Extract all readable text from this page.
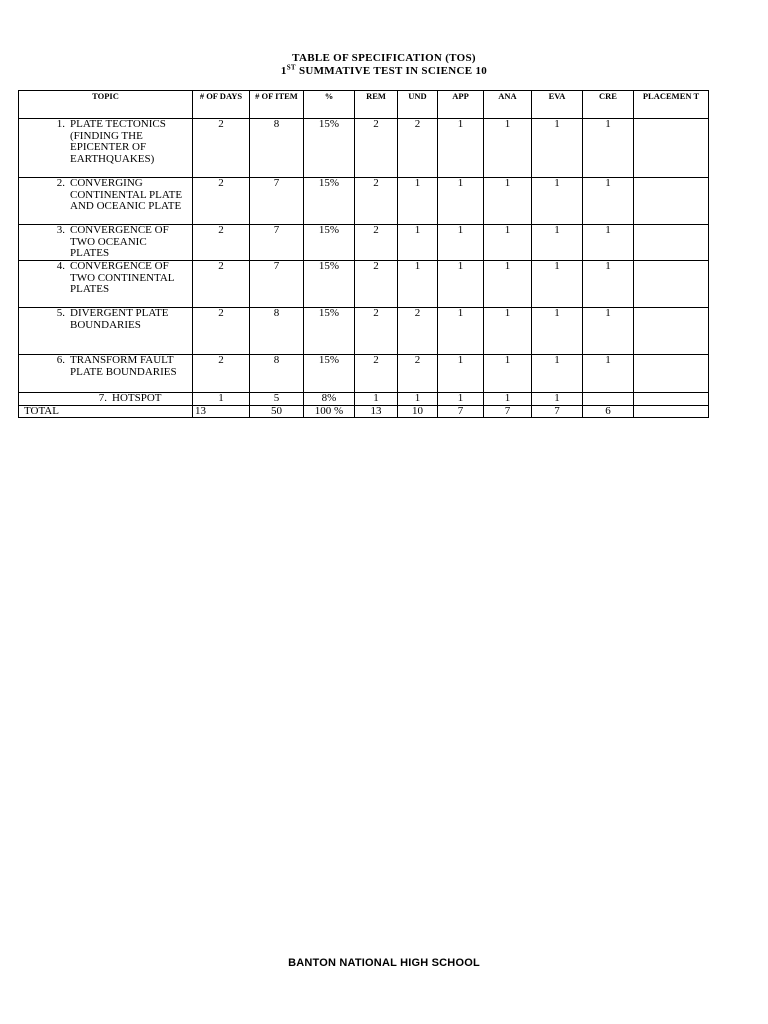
TABLE OF SPECIFICATION (TOS)
1ST SUMMATIVE TEST IN SCIENCE 10
TOPIC	# OF DAYS	# OF ITEM	%	REM	UND	APP	ANA	EVA	CRE	PLACEMEN T
1. PLATE TECTONICS (FINDING THE EPICENTER OF EARTHQUAKES)	2	8	15%	2	2	1	1	1	1	
2. CONVERGING CONTINENTAL PLATE AND OCEANIC PLATE	2	7	15%	2	1	1	1	1	1	
3. CONVERGENCE OF TWO OCEANIC PLATES	2	7	15%	2	1	1	1	1	1	
4. CONVERGENCE OF TWO CONTINENTAL PLATES	2	7	15%	2	1	1	1	1	1	
5. DIVERGENT PLATE BOUNDARIES	2	8	15%	2	2	1	1	1	1	
6. TRANSFORM FAULT PLATE BOUNDARIES	2	8	15%	2	2	1	1	1	1	
7. HOTSPOT	1	5	8%	1	1	1	1	1		
TOTAL	13	50	100 %	13	10	7	7	7	6	
BANTON NATIONAL HIGH SCHOOL
